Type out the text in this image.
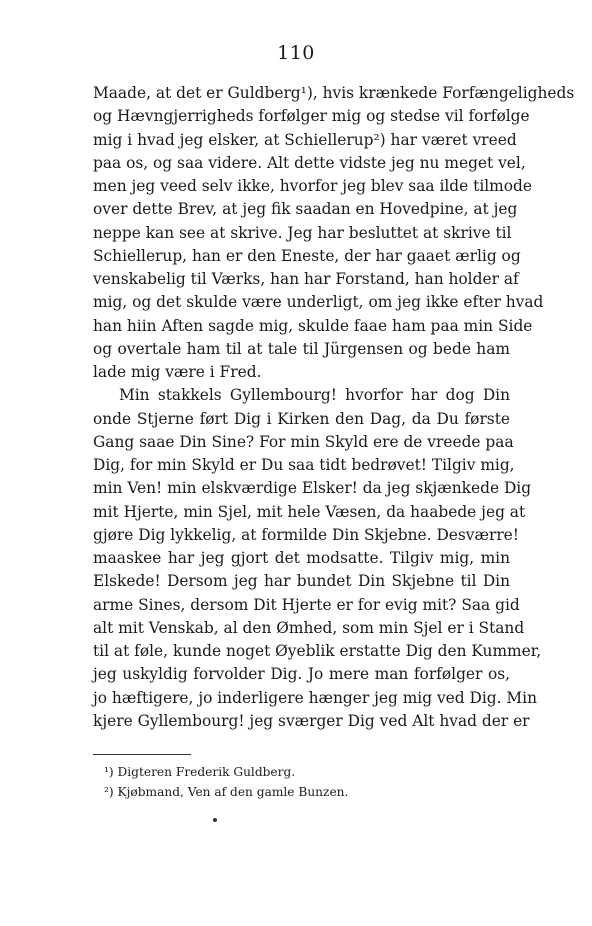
110
Maade, at det er Guldberg¹), hvis krænkede Forfængeligheds
og Hævngjerrigheds forfølger mig og stedse vil forfølge
mig i hvad jeg elsker, at Schiellerup²) har været vreed
paa os, og saa videre. Alt dette vidste jeg nu meget vel,
men jeg veed selv ikke, hvorfor jeg blev saa ilde tilmode
over dette Brev, at jeg fik saadan en Hovedpine, at jeg
neppe kan see at skrive. Jeg har besluttet at skrive til
Schiellerup, han er den Eneste, der har gaaet ærlig og
venskabelig til Værks, han har Forstand, han holder af
mig, og det skulde være underligt, om jeg ikke efter hvad
han hiin Aften sagde mig, skulde faae ham paa min Side
og overtale ham til at tale til Jürgensen og bede ham
lade mig være i Fred.
Min stakkels Gyllembourg! hvorfor har dog Din
onde Stjerne ført Dig i Kirken den Dag, da Du første
Gang saae Din Sine? For min Skyld ere de vreede paa
Dig, for min Skyld er Du saa tidt bedrøvet! Tilgiv mig,
min Ven! min elskværdige Elsker! da jeg skjænkede Dig
mit Hjerte, min Sjel, mit hele Væsen, da haabede jeg at
gjøre Dig lykkelig, at formilde Din Skjebne. Desværre!
maaskee har jeg gjort det modsatte. Tilgiv mig, min
Elskede! Dersom jeg har bundet Din Skjebne til Din
arme Sines, dersom Dit Hjerte er for evig mit? Saa gid
alt mit Venskab, al den Ømhed, som min Sjel er i Stand
til at føle, kunde noget Øyeblik erstatte Dig den Kummer,
jeg uskyldig forvolder Dig. Jo mere man forfølger os,
jo hæftigere, jo inderligere hænger jeg mig ved Dig. Min
kjere Gyllembourg! jeg sværger Dig ved Alt hvad der er
¹) Digteren Frederik Guldberg.
²) Kjøbmand, Ven af den gamle Bunzen.
